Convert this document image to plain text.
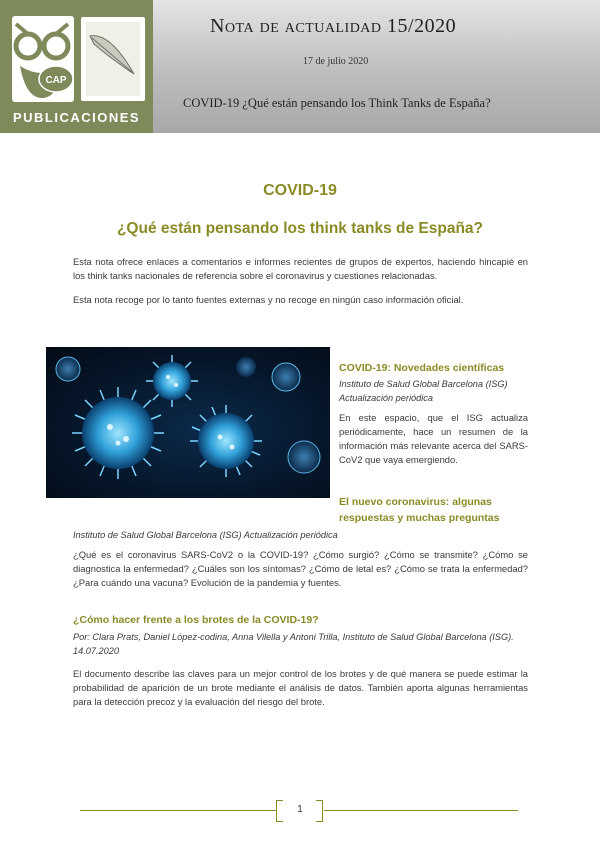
CAP
PUBLICACIONES
Nota de actualidad 15/2020
17 de julio 2020
COVID-19 ¿Qué están pensando los Think Tanks de España?
COVID-19
¿Qué están pensando los think tanks de España?
Esta nota ofrece enlaces a comentarios e informes recientes de grupos de expertos, haciendo hincapié en los think tanks nacionales de referencia sobre el coronavirus y cuestiones relacionadas.
Esta nota recoge por lo tanto fuentes externas y no recoge en ningún caso información oficial.
COVID-19: Novedades científicas
Instituto de Salud Global Barcelona (ISG)
Actualización periódica
En este espacio, que el ISG actualiza periódicamente, hace un resumen de la información más relevante acerca del SARS-CoV2 que vaya emergiendo.
El nuevo coronavirus: algunas
respuestas y muchas preguntas
Instituto de Salud Global Barcelona (ISG) Actualización periódica
¿Qué es el coronavirus SARS-CoV2 o la COVID-19? ¿Cómo surgió? ¿Cómo se transmite? ¿Cómo se diagnostica la enfermedad? ¿Cuáles son los síntomas? ¿Cómo de letal es? ¿Cómo se trata la enfermedad? ¿Para cuándo una vacuna? Evolución de la pandemia y fuentes.
¿Cómo hacer frente a los brotes de la COVID-19?
Por: Clara Prats, Daniel López-codina, Anna Vilella y Antoni Trilla, Instituto de Salud Global Barcelona (ISG). 14.07.2020
El documento describe las claves para un mejor control de los brotes y de qué manera se puede estimar la probabilidad de aparición de un brote mediante el análisis de datos. También aporta algunas herramientas para la detección precoz y la evaluación del riesgo del brote.
1
